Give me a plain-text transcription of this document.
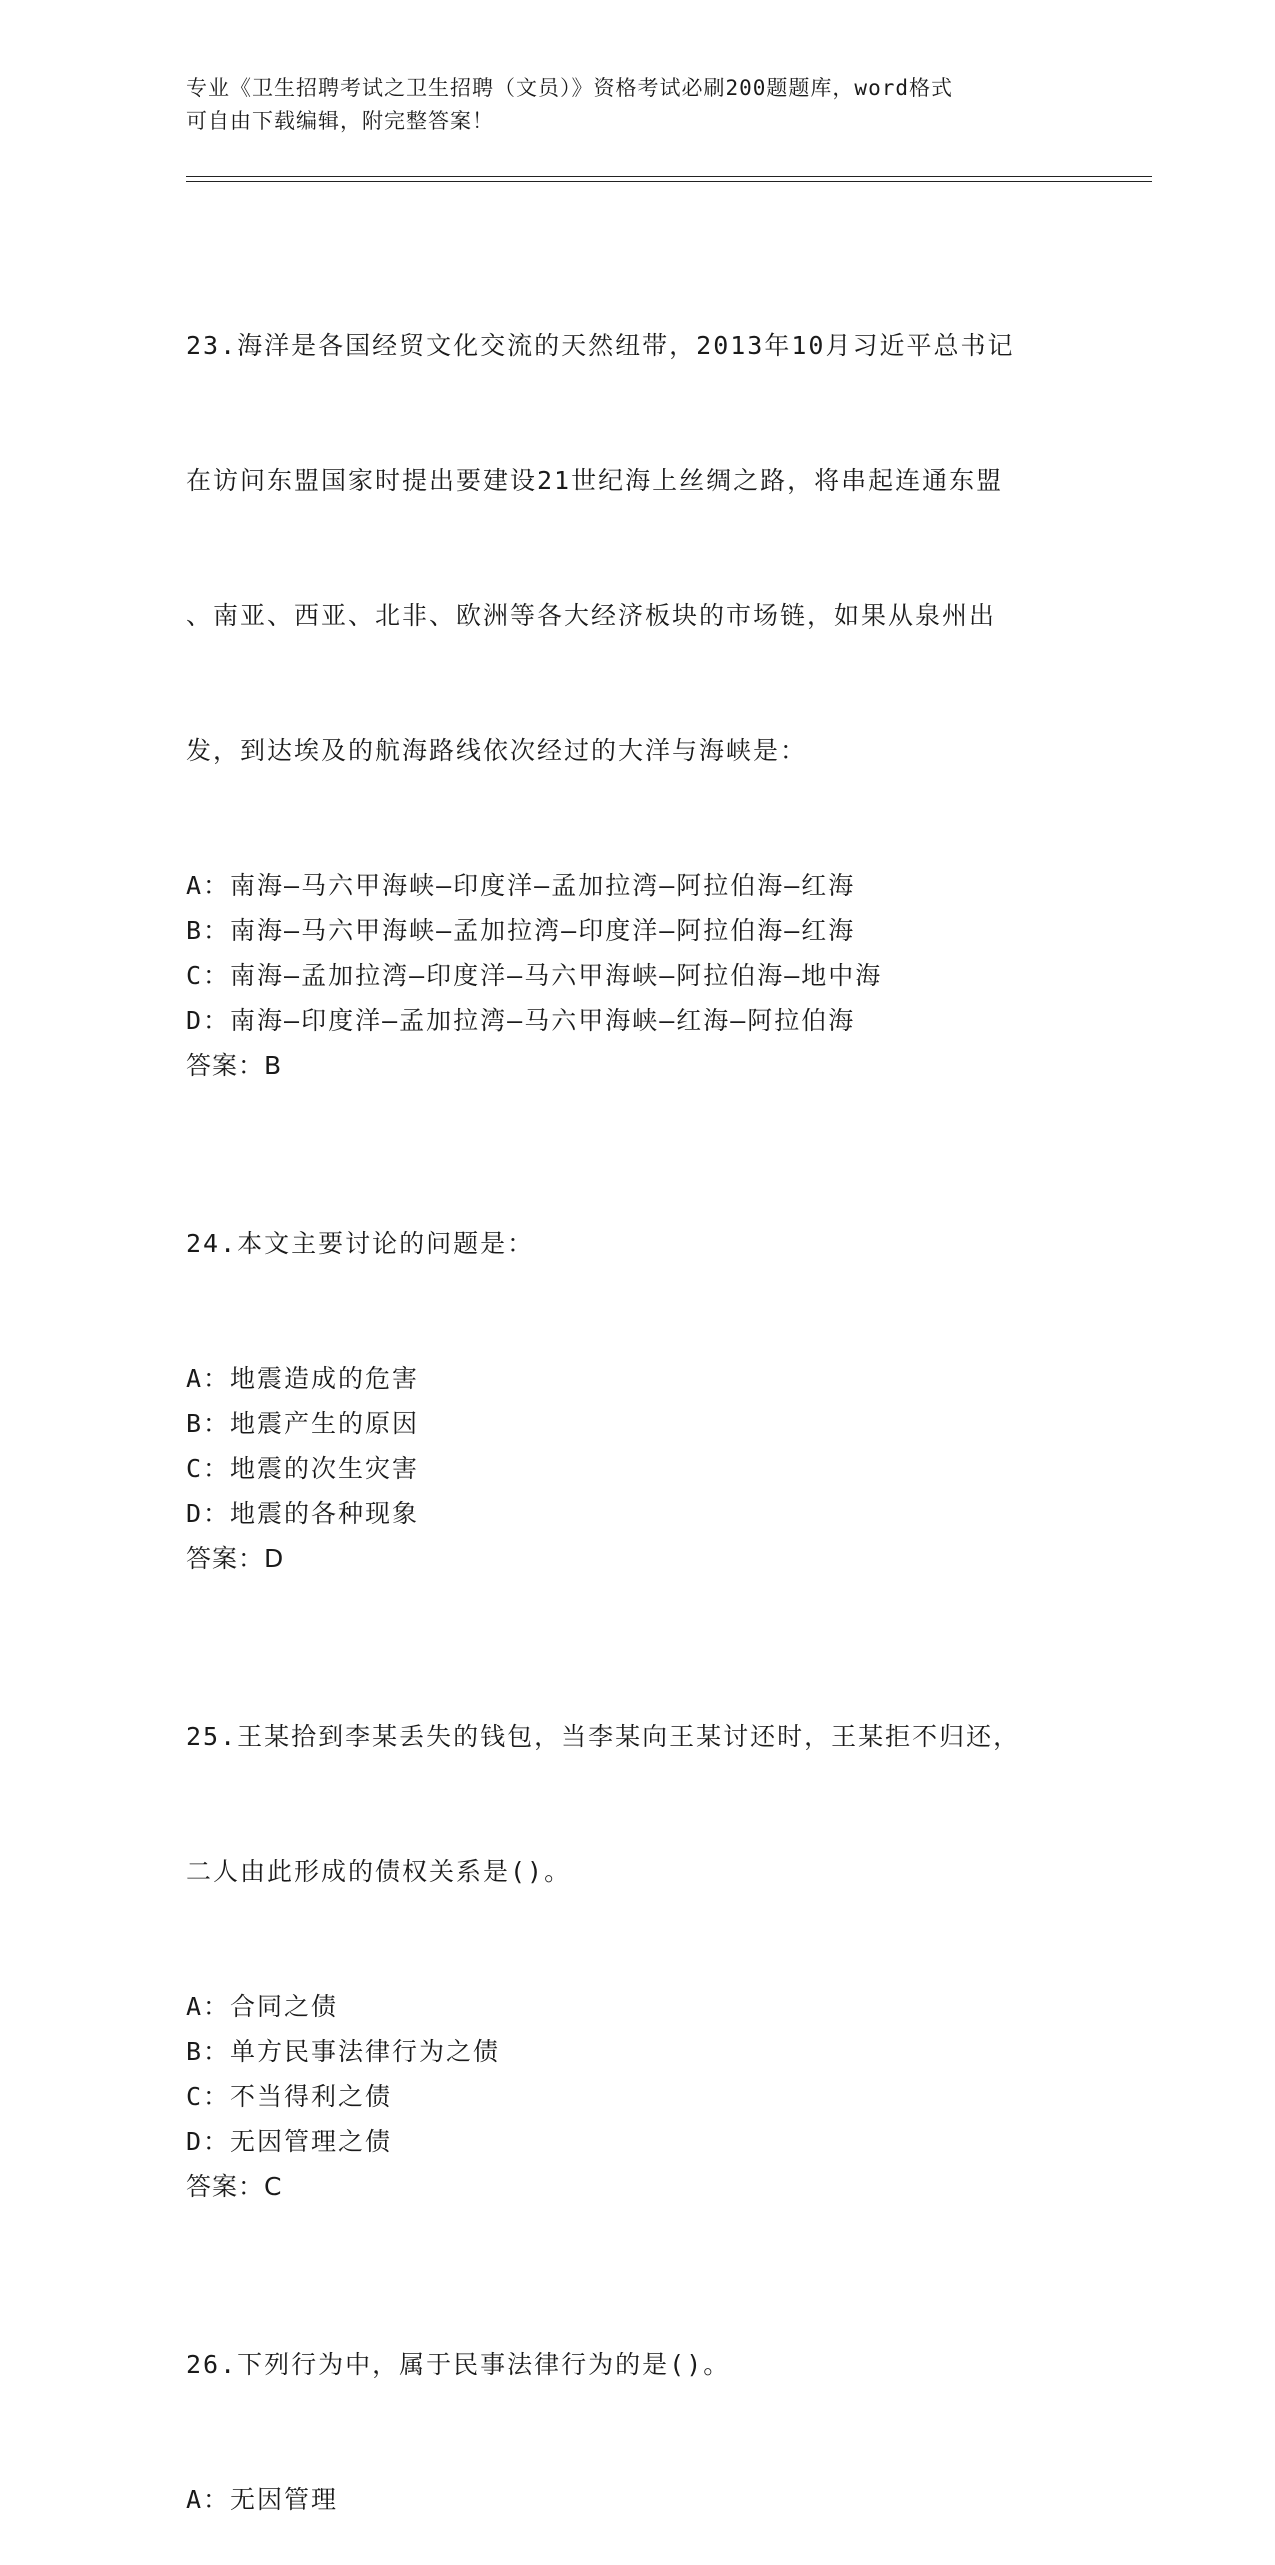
专业《卫生招聘考试之卫生招聘（文员）》资格考试必刷200题题库，word格式
可自由下载编辑，附完整答案！

23.海洋是各国经贸文化交流的天然纽带，2013年10月习近平总书记

在访问东盟国家时提出要建设21世纪海上丝绸之路，将串起连通东盟

、南亚、西亚、北非、欧洲等各大经济板块的市场链，如果从泉州出

发，到达埃及的航海路线依次经过的大洋与海峡是：

A：南海—马六甲海峡—印度洋—孟加拉湾—阿拉伯海—红海
B：南海—马六甲海峡—孟加拉湾—印度洋—阿拉伯海—红海
C：南海—孟加拉湾—印度洋—马六甲海峡—阿拉伯海—地中海
D：南海—印度洋—孟加拉湾—马六甲海峡—红海—阿拉伯海
答案：B

24.本文主要讨论的问题是：

A：地震造成的危害
B：地震产生的原因
C：地震的次生灾害
D：地震的各种现象
答案：D

25.王某拾到李某丢失的钱包，当李某向王某讨还时，王某拒不归还，

二人由此形成的债权关系是()。

A：合同之债
B：单方民事法律行为之债
C：不当得利之债
D：无因管理之债
答案：C

26.下列行为中，属于民事法律行为的是()。

A：无因管理
